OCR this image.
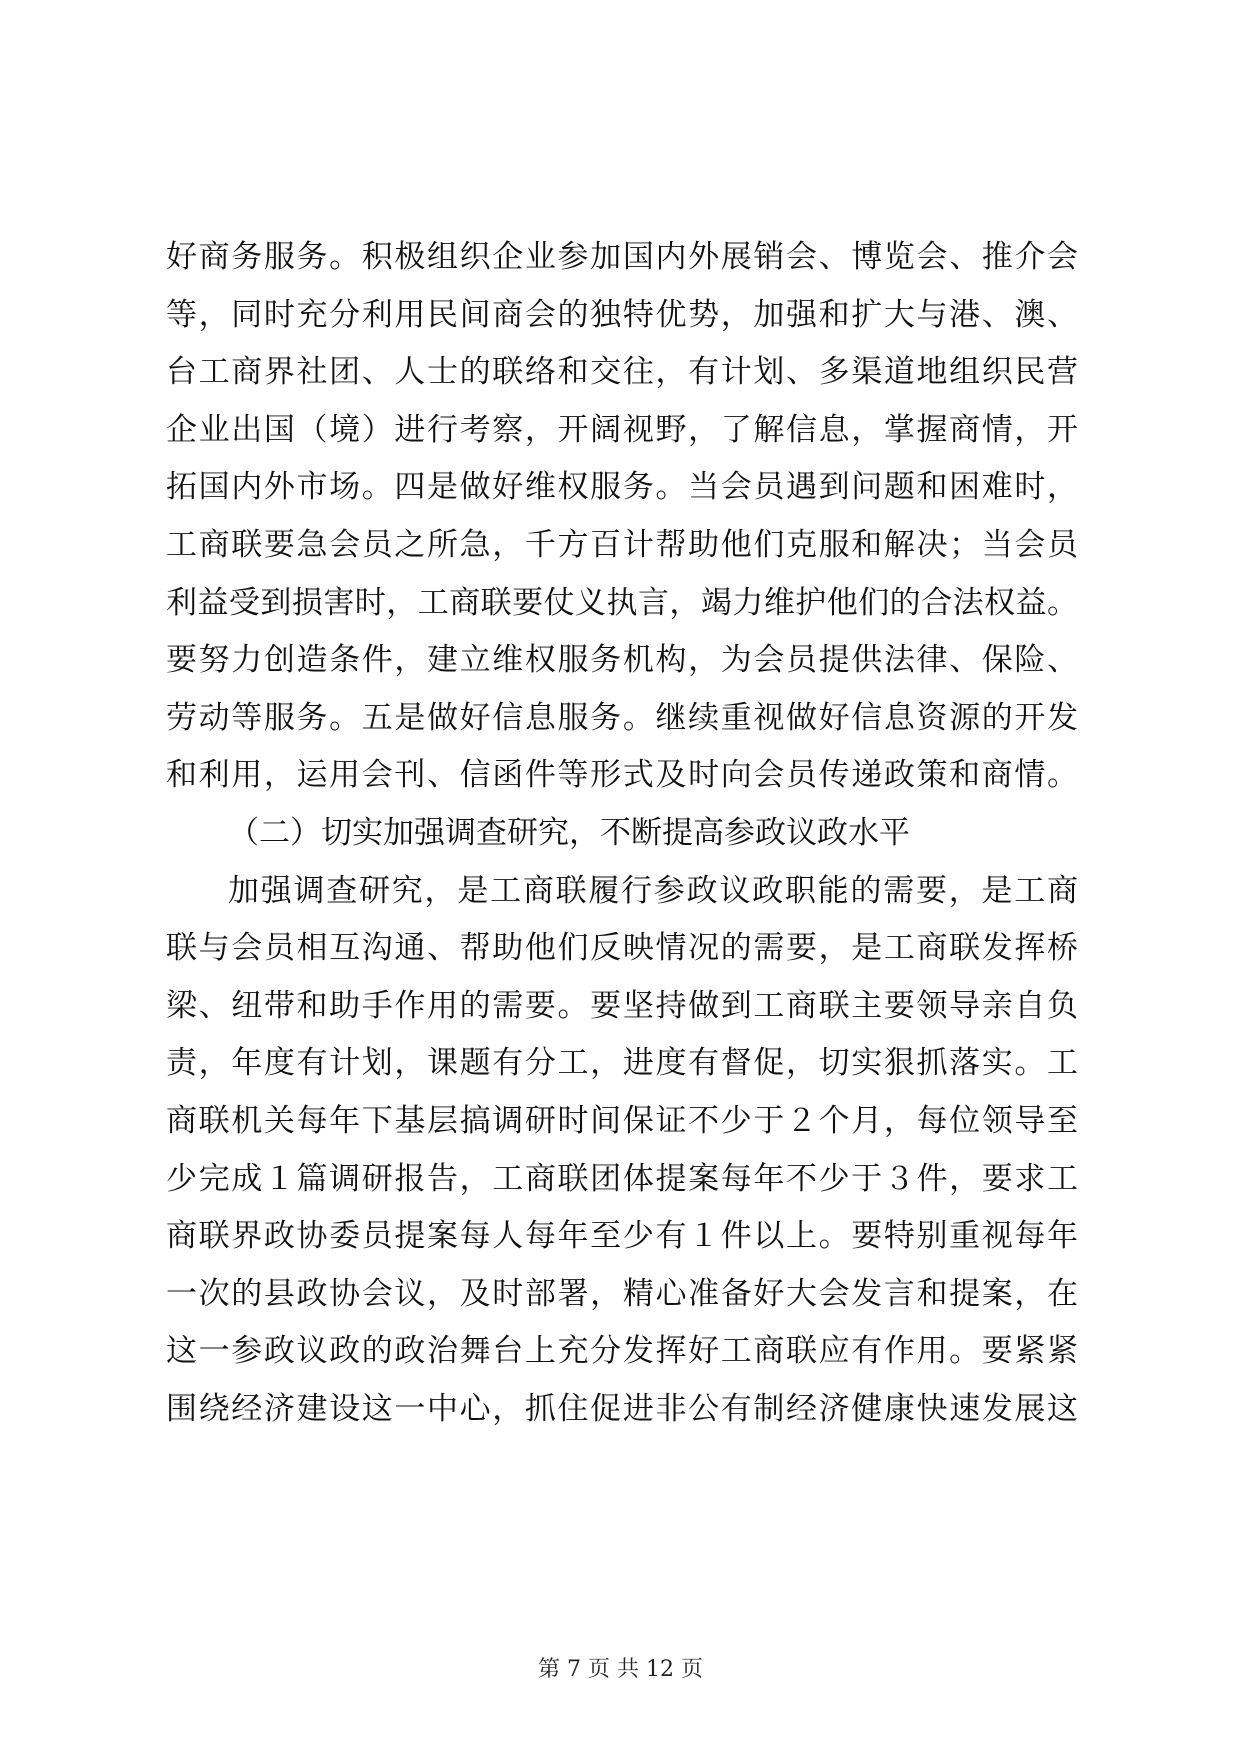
好商务服务。积极组织企业参加国内外展销会、博览会、推介会
等，同时充分利用民间商会的独特优势，加强和扩大与港、澳、
台工商界社团、人士的联络和交往，有计划、多渠道地组织民营
企业出国（境）进行考察，开阔视野，了解信息，掌握商情，开
拓国内外市场。四是做好维权服务。当会员遇到问题和困难时，
工商联要急会员之所急，千方百计帮助他们克服和解决；当会员
利益受到损害时，工商联要仗义执言，竭力维护他们的合法权益。
要努力创造条件，建立维权服务机构，为会员提供法律、保险、
劳动等服务。五是做好信息服务。继续重视做好信息资源的开发
和利用，运用会刊、信函件等形式及时向会员传递政策和商情。
（二）切实加强调查研究，不断提高参政议政水平
加强调查研究，是工商联履行参政议政职能的需要，是工商
联与会员相互沟通、帮助他们反映情况的需要，是工商联发挥桥
梁、纽带和助手作用的需要。要坚持做到工商联主要领导亲自负
责，年度有计划，课题有分工，进度有督促，切实狠抓落实。工
商联机关每年下基层搞调研时间保证不少于２个月，每位领导至
少完成１篇调研报告，工商联团体提案每年不少于３件，要求工
商联界政协委员提案每人每年至少有１件以上。要特别重视每年
一次的县政协会议，及时部署，精心准备好大会发言和提案，在
这一参政议政的政治舞台上充分发挥好工商联应有作用。要紧紧
围绕经济建设这一中心，抓住促进非公有制经济健康快速发展这
第 7 页 共 12 页
